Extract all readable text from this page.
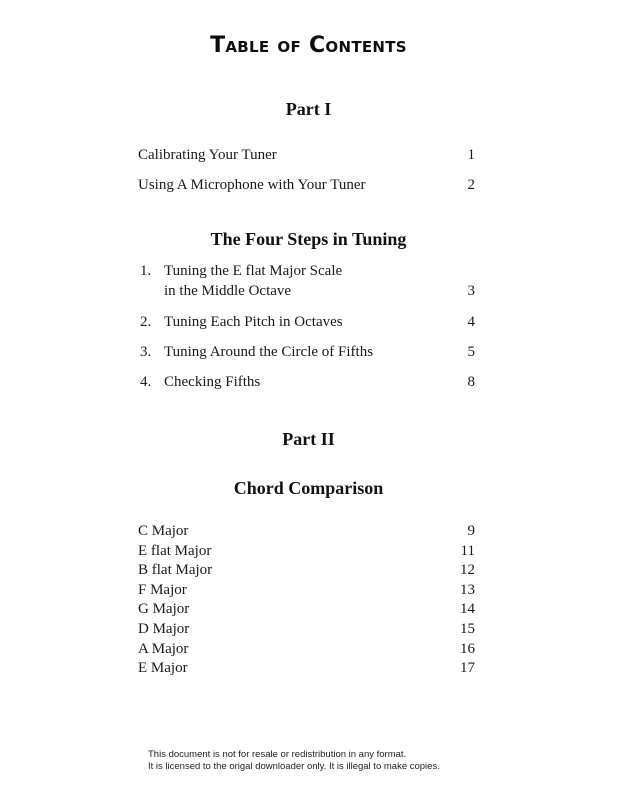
Table of Contents
Part I
Calibrating Your Tuner	1
Using A Microphone with Your Tuner	2
The Four Steps in Tuning
1. Tuning the E flat Major Scale
in the Middle Octave	3
2. Tuning Each Pitch in Octaves	4
3. Tuning Around the Circle of Fifths	5
4. Checking Fifths	8
Part II
Chord Comparison
C Major	9
E flat Major	11
B flat Major	12
F Major	13
G Major	14
D Major	15
A Major	16
E Major	17
This document is not for resale or redistribution in any format.
It is licensed to the origal downloader only. It is illegal to make copies.
